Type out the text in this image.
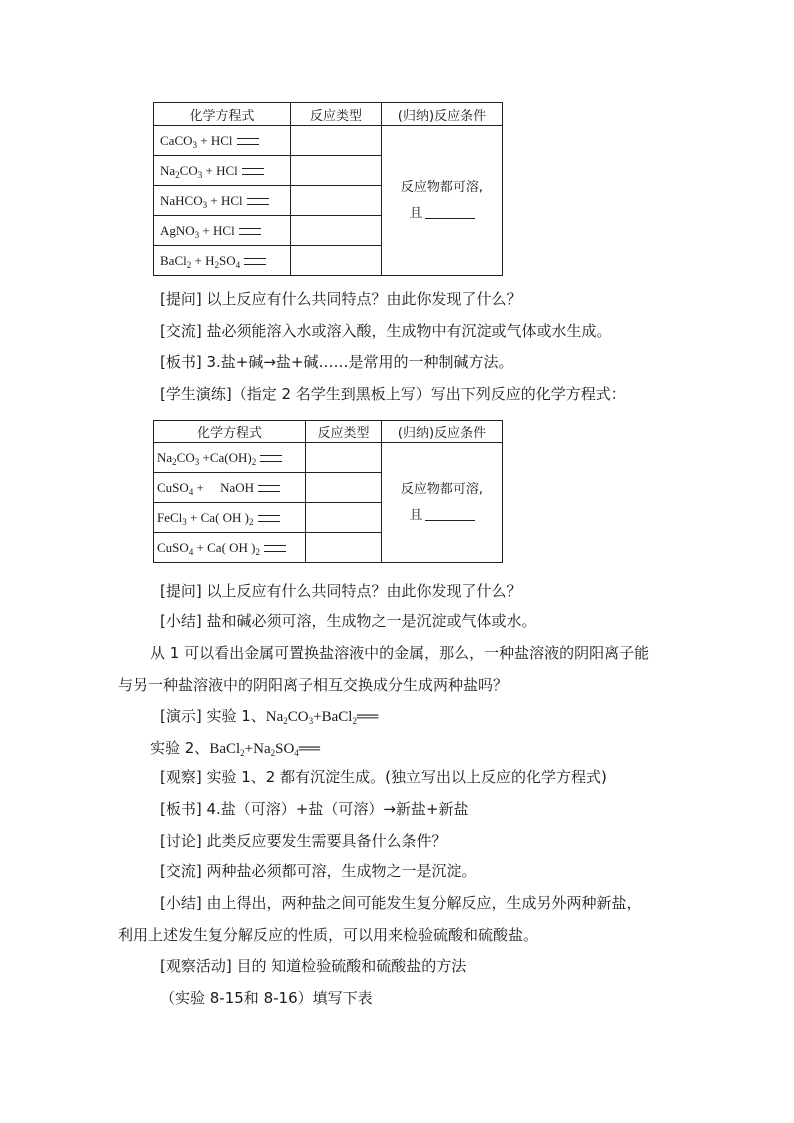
化学方程式	反应类型	(归纳)反应条件
CaCO$_3$ + HCl		反应物都可溶,
且

$Na_2CO_3$ + HCl		
NaHCO$_3$ + HCl		
AgNO$_3$ + HCl		
BaCl$_2$ + $H_2SO_4$	
[提问] 以上反应有什么共同特点？由此你发现了什么？
[交流] 盐必须能溶入水或溶入酸，生成物中有沉淀或气体或水生成。
[板书] 3.盐+碱→盐+碱……是常用的一种制碱方法。
[学生演练]（指定 2 名学生到黑板上写）写出下列反应的化学方程式：
化学方程式	反应类型	(归纳)反应条件
$Na_2CO_3 +Ca(OH)_2$		反应物都可溶,
且

CuSO$_4$ +     NaOH		
FeCl$_3$ + Ca( OH )$_2$	
CuSO$_4$ + Ca( OH )$_2$	
[提问] 以上反应有什么共同特点？由此你发现了什么？
[小结] 盐和碱必须可溶，生成物之一是沉淀或气体或水。
从 1 可以看出金属可置换盐溶液中的金属，那么，一种盐溶液的阴阳离子能
与另一种盐溶液中的阴阳离子相互交换成分生成两种盐吗？
[演示] 实验 1、$Na_2CO_3+BaCl_2══$
实验 2、$BaCl_2+Na_2SO_4══$
[观察] 实验 1、2 都有沉淀生成。(独立写出以上反应的化学方程式)
[板书] 4.盐（可溶）+盐（可溶）→新盐+新盐
[讨论] 此类反应要发生需要具备什么条件？
[交流] 两种盐必须都可溶，生成物之一是沉淀。
[小结] 由上得出，两种盐之间可能发生复分解反应，生成另外两种新盐，
利用上述发生复分解反应的性质，可以用来检验硫酸和硫酸盐。
[观察活动] 目的 知道检验硫酸和硫酸盐的方法
（实验 8-15和 8-16）填写下表
